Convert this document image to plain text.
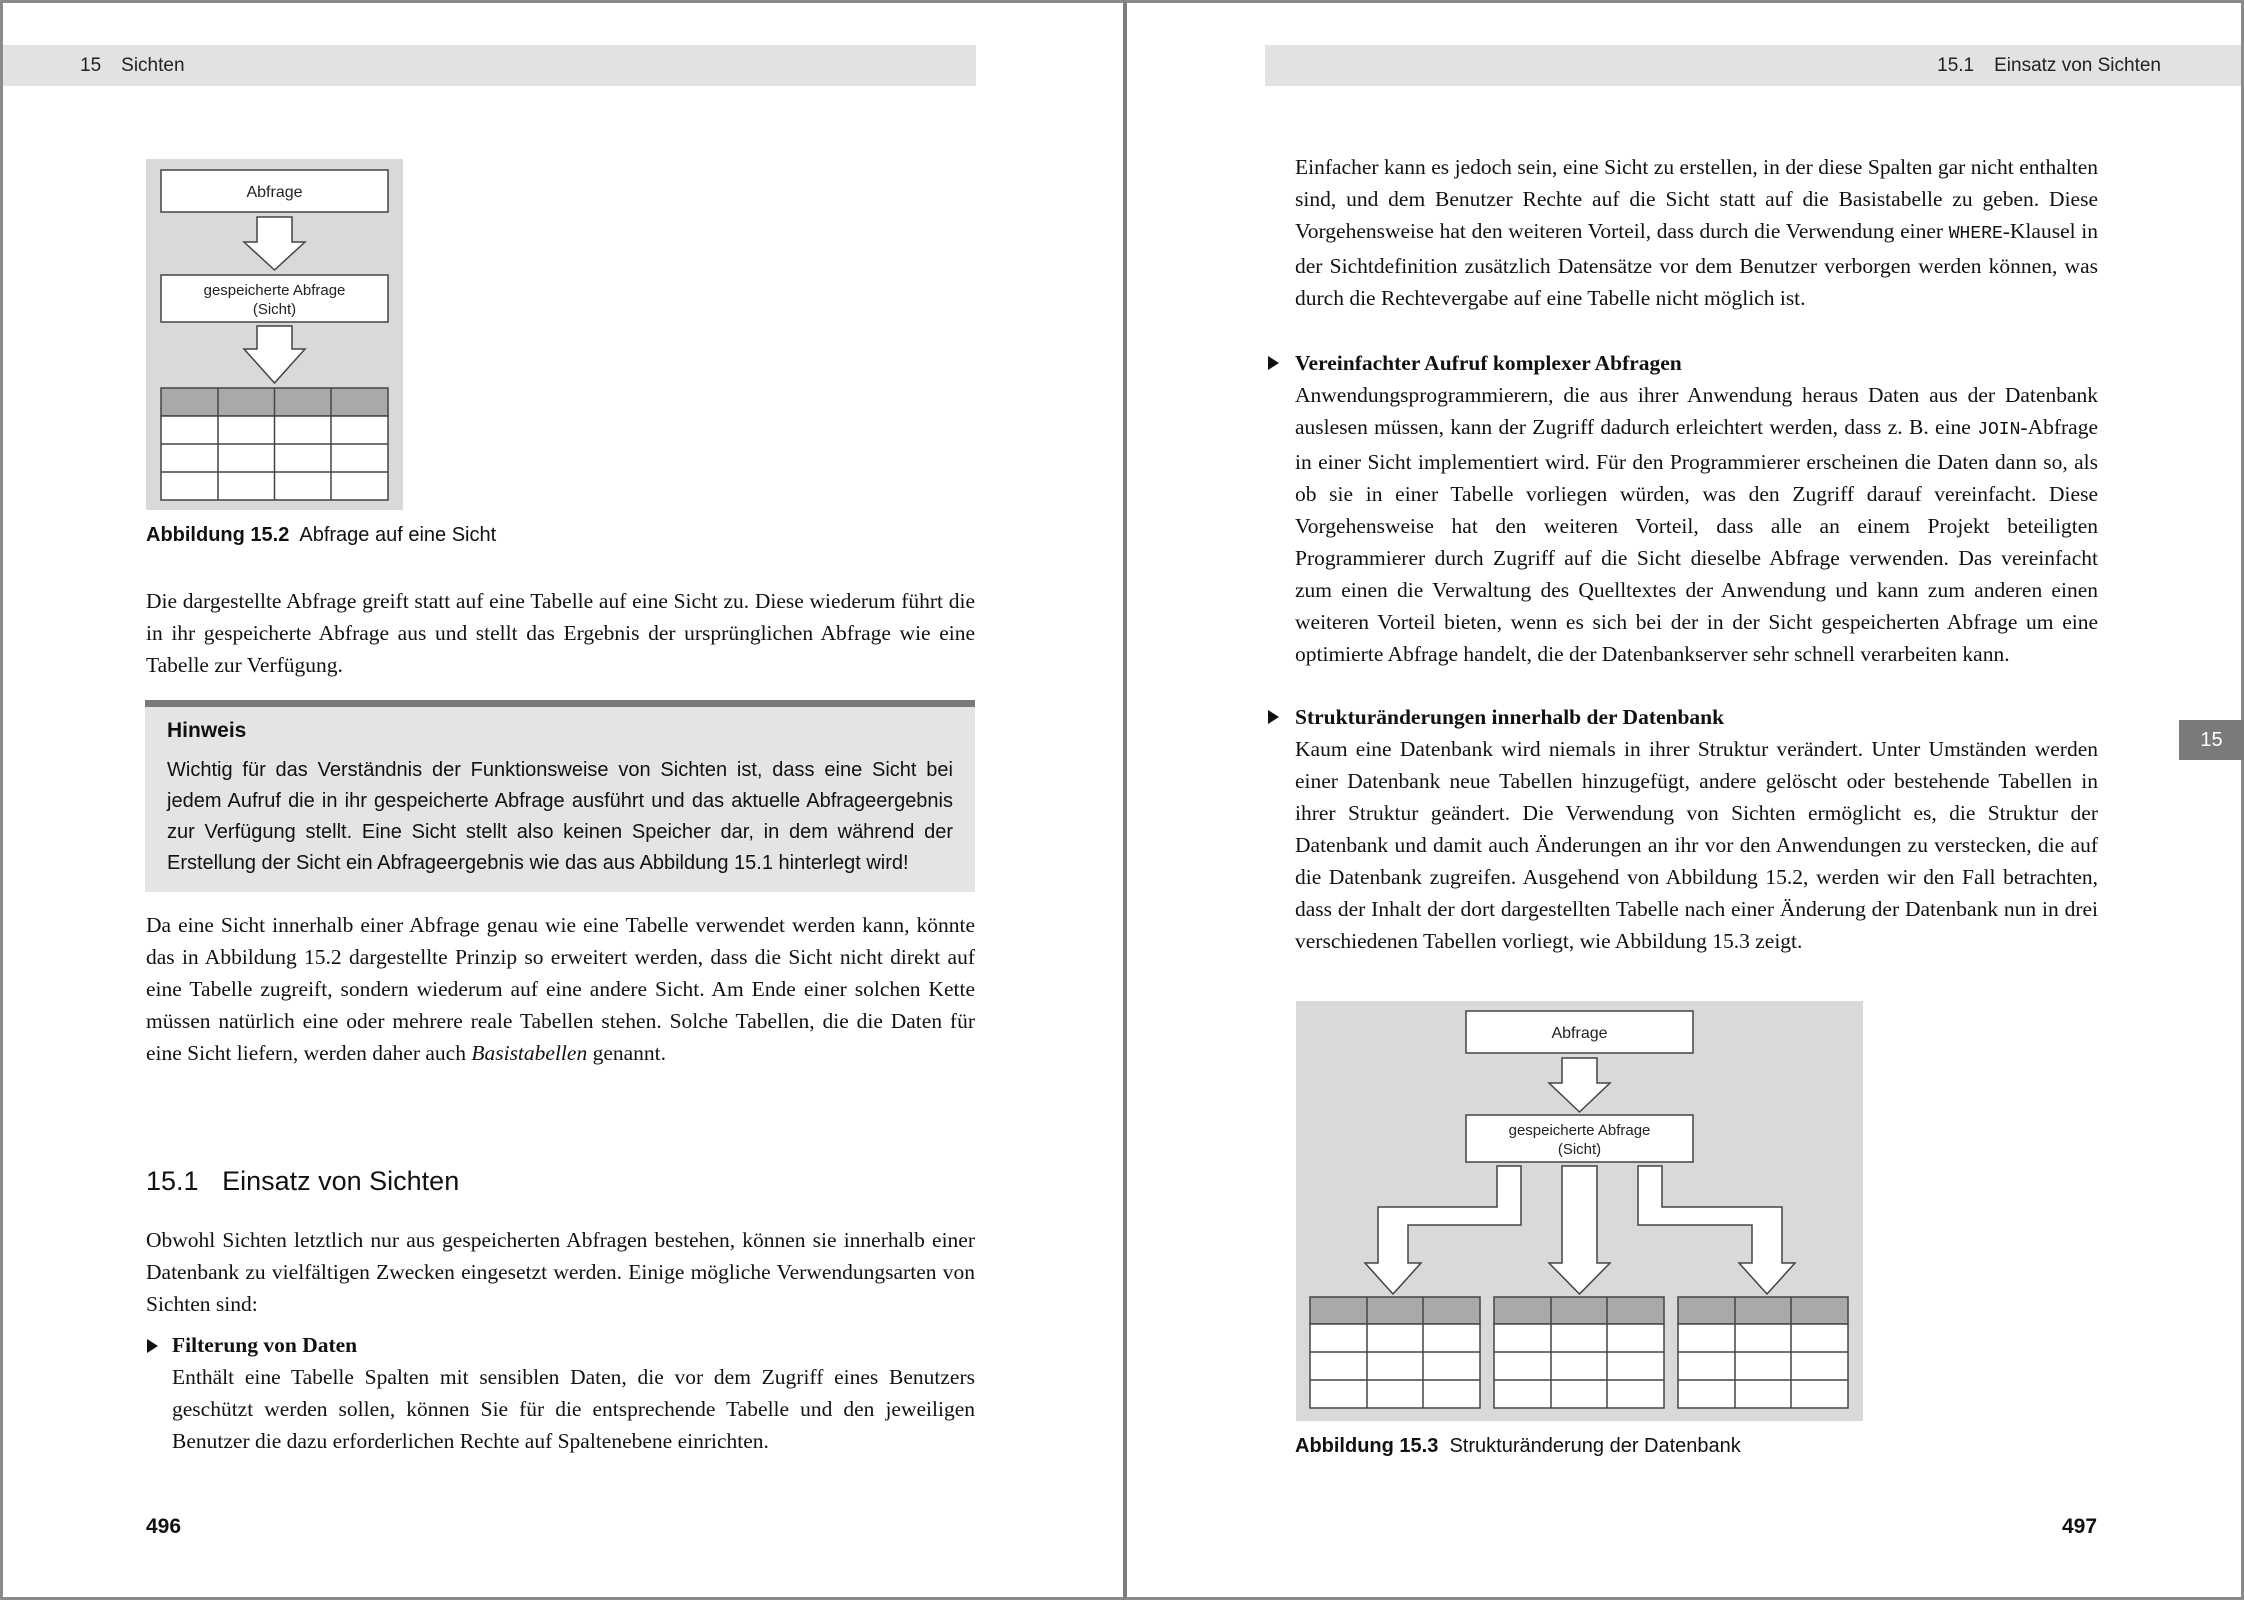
15 Sichten
Abfrage
gespeicherte Abfrage
(Sicht)
Abbildung 15.2 Abfrage auf eine Sicht
Die dargestellte Abfrage greift statt auf eine Tabelle auf eine Sicht zu. Diese wiederum führt die in ihr gespeicherte Abfrage aus und stellt das Ergebnis der ursprünglichen Abfrage wie eine Tabelle zur Verfügung.
Hinweis
Wichtig für das Verständnis der Funktionsweise von Sichten ist, dass eine Sicht bei jedem Aufruf die in ihr gespeicherte Abfrage ausführt und das aktuelle Abfrageergebnis zur Verfügung stellt. Eine Sicht stellt also keinen Speicher dar, in dem während der Erstellung der Sicht ein Abfrageergebnis wie das aus Abbildung 15.1 hinterlegt wird!
Da eine Sicht innerhalb einer Abfrage genau wie eine Tabelle verwendet werden kann, könnte das in Abbildung 15.2 dargestellte Prinzip so erweitert werden, dass die Sicht nicht direkt auf eine Tabelle zugreift, sondern wiederum auf eine andere Sicht. Am Ende einer solchen Kette müssen natürlich eine oder mehrere reale Tabellen stehen. Solche Tabellen, die die Daten für eine Sicht liefern, werden daher auch Basistabellen genannt.
15.1 Einsatz von Sichten
Obwohl Sichten letztlich nur aus gespeicherten Abfragen bestehen, können sie innerhalb einer Datenbank zu vielfältigen Zwecken eingesetzt werden. Einige mögliche Verwendungsarten von Sichten sind:
Filterung von Daten
Enthält eine Tabelle Spalten mit sensiblen Daten, die vor dem Zugriff eines Benutzers geschützt werden sollen, können Sie für die entsprechende Tabelle und den jeweiligen Benutzer die dazu erforderlichen Rechte auf Spaltenebene einrichten.
496
15.1 Einsatz von Sichten
Einfacher kann es jedoch sein, eine Sicht zu erstellen, in der diese Spalten gar nicht enthalten sind, und dem Benutzer Rechte auf die Sicht statt auf die Basistabelle zu geben. Diese Vorgehensweise hat den weiteren Vorteil, dass durch die Verwendung einer WHERE-Klausel in der Sichtdefinition zusätzlich Datensätze vor dem Benutzer verborgen werden können, was durch die Rechtevergabe auf eine Tabelle nicht möglich ist.
Vereinfachter Aufruf komplexer Abfragen
Anwendungsprogrammierern, die aus ihrer Anwendung heraus Daten aus der Datenbank auslesen müssen, kann der Zugriff dadurch erleichtert werden, dass z. B. eine JOIN-Abfrage in einer Sicht implementiert wird. Für den Programmierer erscheinen die Daten dann so, als ob sie in einer Tabelle vorliegen würden, was den Zugriff darauf vereinfacht. Diese Vorgehensweise hat den weiteren Vorteil, dass alle an einem Projekt beteiligten Programmierer durch Zugriff auf die Sicht dieselbe Abfrage verwenden. Das vereinfacht zum einen die Verwaltung des Quelltextes der Anwendung und kann zum anderen einen weiteren Vorteil bieten, wenn es sich bei der in der Sicht gespeicherten Abfrage um eine optimierte Abfrage handelt, die der Datenbankserver sehr schnell verarbeiten kann.
Strukturänderungen innerhalb der Datenbank
Kaum eine Datenbank wird niemals in ihrer Struktur verändert. Unter Umständen werden einer Datenbank neue Tabellen hinzugefügt, andere gelöscht oder bestehende Tabellen in ihrer Struktur geändert. Die Verwendung von Sichten ermöglicht es, die Struktur der Datenbank und damit auch Änderungen an ihr vor den Anwendungen zu verstecken, die auf die Datenbank zugreifen. Ausgehend von Abbildung 15.2, werden wir den Fall betrachten, dass der Inhalt der dort dargestellten Tabelle nach einer Änderung der Datenbank nun in drei verschiedenen Tabellen vorliegt, wie Abbildung 15.3 zeigt.
15
Abfrage
gespeicherte Abfrage
(Sicht)
Abbildung 15.3 Strukturänderung der Datenbank
497
